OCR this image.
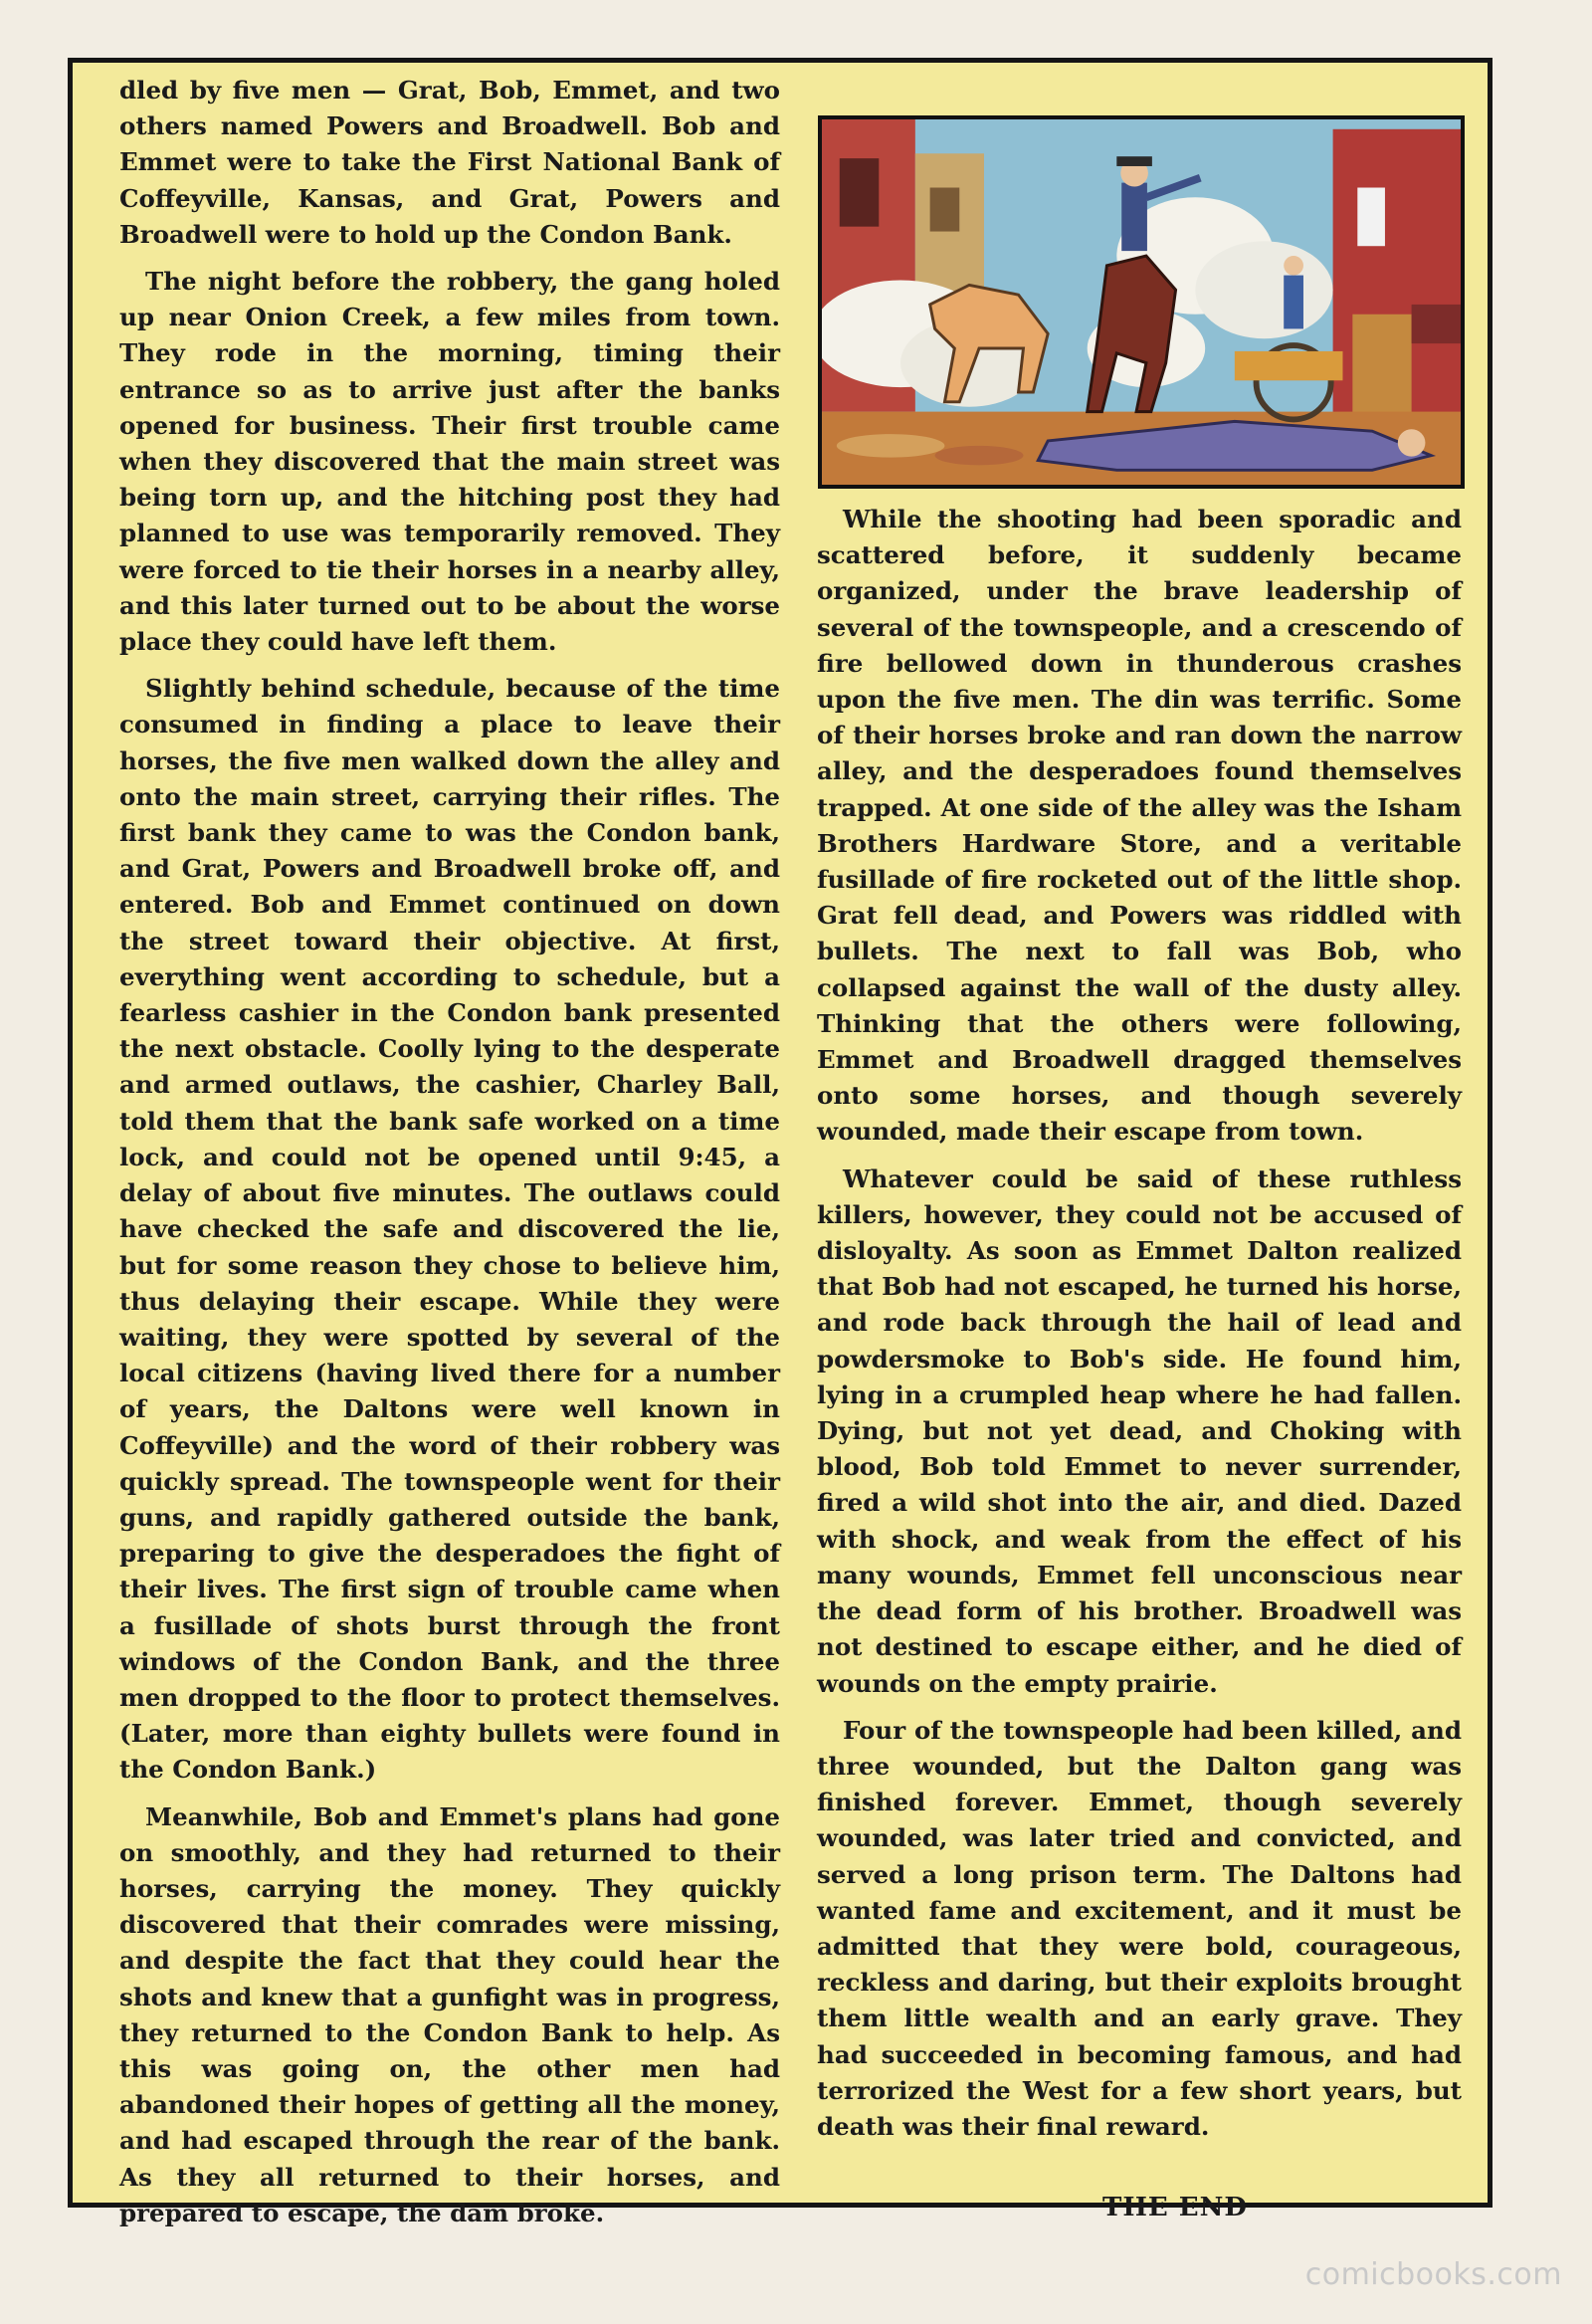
dled by five men — Grat, Bob, Emmet, and two others named Powers and Broadwell. Bob and Emmet were to take the First National Bank of Coffeyville, Kansas, and Grat, Powers and Broadwell were to hold up the Condon Bank.

The night before the robbery, the gang holed up near Onion Creek, a few miles from town. They rode in the morning, timing their entrance so as to arrive just after the banks opened for business. Their first trouble came when they discovered that the main street was being torn up, and the hitching post they had planned to use was temporarily removed. They were forced to tie their horses in a nearby alley, and this later turned out to be about the worse place they could have left them.

Slightly behind schedule, because of the time consumed in finding a place to leave their horses, the five men walked down the alley and onto the main street, carrying their rifles. The first bank they came to was the Condon bank, and Grat, Powers and Broadwell broke off, and entered. Bob and Emmet continued on down the street toward their objective. At first, everything went according to schedule, but a fearless cashier in the Condon bank presented the next obstacle. Coolly lying to the desperate and armed outlaws, the cashier, Charley Ball, told them that the bank safe worked on a time lock, and could not be opened until 9:45, a delay of about five minutes. The outlaws could have checked the safe and discovered the lie, but for some reason they chose to believe him, thus delaying their escape. While they were waiting, they were spotted by several of the local citizens (having lived there for a number of years, the Daltons were well known in Coffeyville) and the word of their robbery was quickly spread. The townspeople went for their guns, and rapidly gathered outside the bank, preparing to give the desperadoes the fight of their lives. The first sign of trouble came when a fusillade of shots burst through the front windows of the Condon Bank, and the three men dropped to the floor to protect themselves. (Later, more than eighty bullets were found in the Condon Bank.)

Meanwhile, Bob and Emmet's plans had gone on smoothly, and they had returned to their horses, carrying the money. They quickly discovered that their comrades were missing, and despite the fact that they could hear the shots and knew that a gunfight was in progress, they returned to the Condon Bank to help. As this was going on, the other men had abandoned their hopes of getting all the money, and had escaped through the rear of the bank. As they all returned to their horses, and prepared to escape, the dam broke.

While the shooting had been sporadic and scattered before, it suddenly became organized, under the brave leadership of several of the townspeople, and a crescendo of fire bellowed down in thunderous crashes upon the five men. The din was terrific. Some of their horses broke and ran down the narrow alley, and the desperadoes found themselves trapped. At one side of the alley was the Isham Brothers Hardware Store, and a veritable fusillade of fire rocketed out of the little shop. Grat fell dead, and Powers was riddled with bullets. The next to fall was Bob, who collapsed against the wall of the dusty alley. Thinking that the others were following, Emmet and Broadwell dragged themselves onto some horses, and though severely wounded, made their escape from town.

Whatever could be said of these ruthless killers, however, they could not be accused of disloyalty. As soon as Emmet Dalton realized that Bob had not escaped, he turned his horse, and rode back through the hail of lead and powdersmoke to Bob's side. He found him, lying in a crumpled heap where he had fallen. Dying, but not yet dead, and Choking with blood, Bob told Emmet to never surrender, fired a wild shot into the air, and died. Dazed with shock, and weak from the effect of his many wounds, Emmet fell unconscious near the dead form of his brother. Broadwell was not destined to escape either, and he died of wounds on the empty prairie.

Four of the townspeople had been killed, and three wounded, but the Dalton gang was finished forever. Emmet, though severely wounded, was later tried and convicted, and served a long prison term. The Daltons had wanted fame and excitement, and it must be admitted that they were bold, courageous, reckless and daring, but their exploits brought them little wealth and an early grave. They had succeeded in becoming famous, and had terrorized the West for a few short years, but death was their final reward.

THE END
comicbooks.com
